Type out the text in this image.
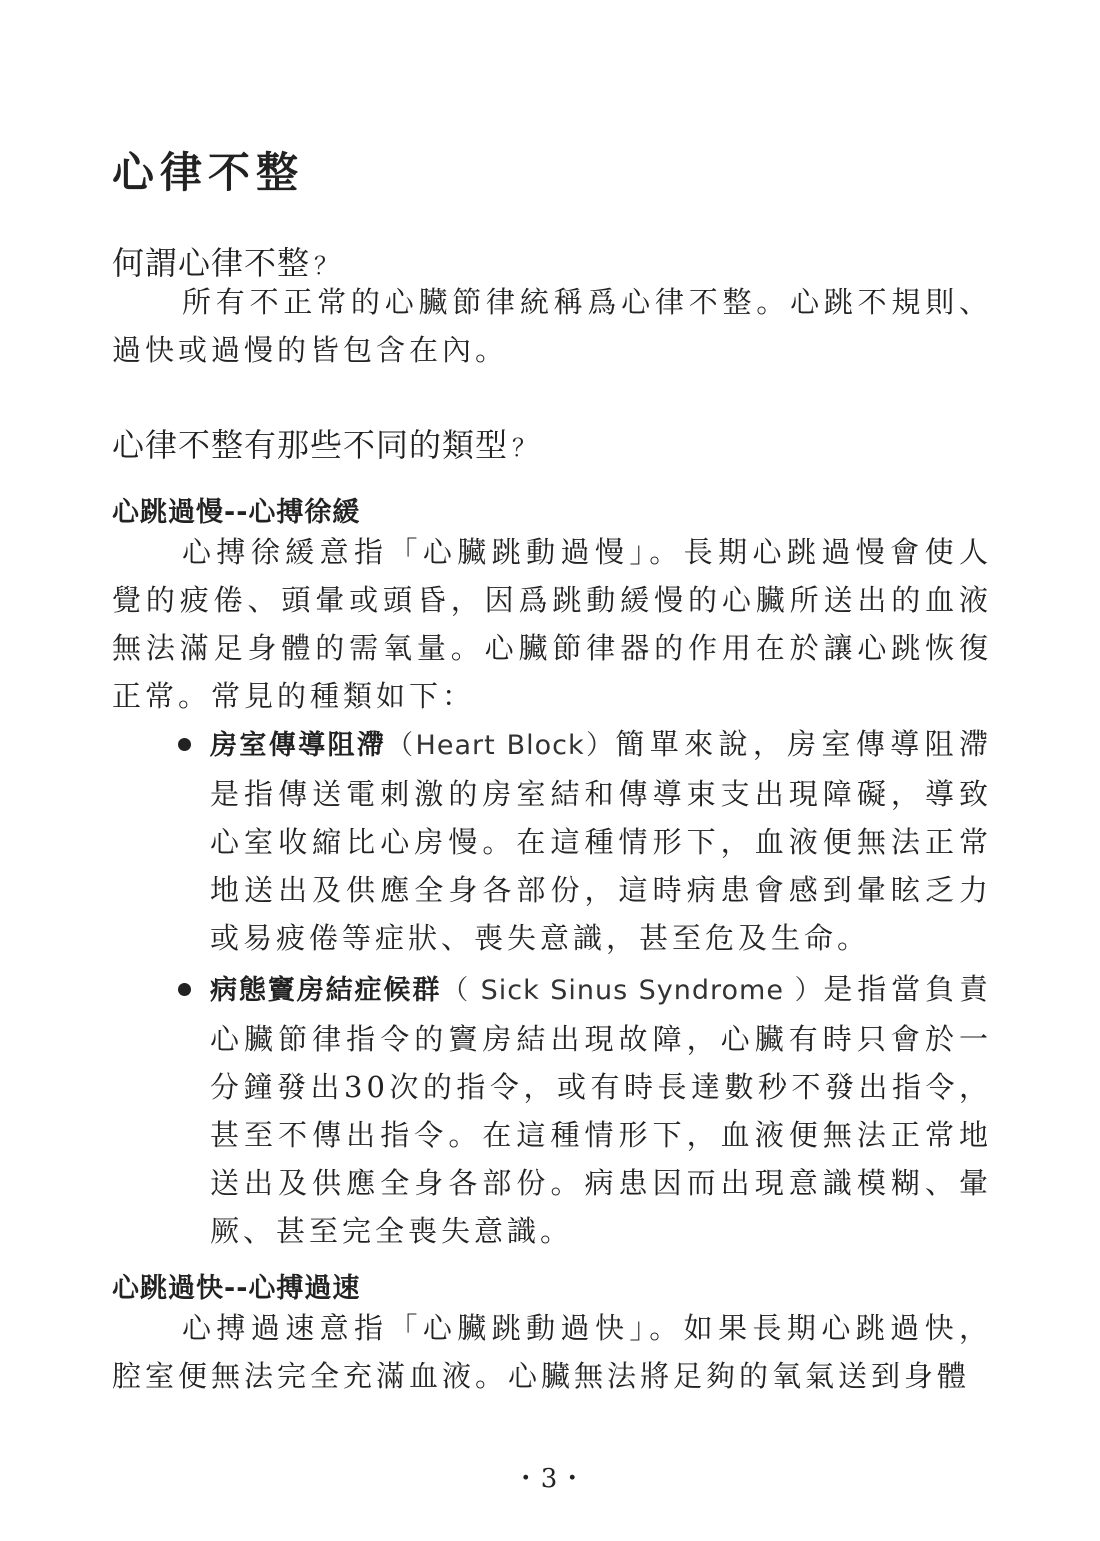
心律不整
何謂心律不整 ？

所有不正常的心臟節律統稱爲心律不整。心跳不規則、過快或過慢的皆包含在內。

心律不整有那些不同的類型 ？
心跳過慢--心搏徐緩

心搏徐緩意指「心臟跳動過慢」。長期心跳過慢會使人覺的疲倦、頭暈或頭昏，因爲跳動緩慢的心臟所送出的血液無法滿足身體的需氧量。心臟節律器的作用在於讓心跳恢復正常。常見的種類如下：

房室傳導阻滯（Heart Block）簡單來說，房室傳導阻滯是指傳送電刺激的房室結和傳導束支出現障礙，導致心室收縮比心房慢。在這種情形下，血液便無法正常地送出及供應全身各部份，這時病患會感到暈眩乏力或易疲倦等症狀、喪失意識，甚至危及生命。
病態竇房結症候群（ Sick Sinus Syndrome ）是指當負責心臟節律指令的竇房結出現故障，心臟有時只會於一分鐘發出30次的指令，或有時長達數秒不發出指令，甚至不傳出指令。在這種情形下，血液便無法正常地送出及供應全身各部份。病患因而出現意識模糊、暈厥、甚至完全喪失意識。
心跳過快--心搏過速

心搏過速意指「心臟跳動過快」。如果長期心跳過快，腔室便無法完全充滿血液。心臟無法將足夠的氧氣送到身體

・3・
